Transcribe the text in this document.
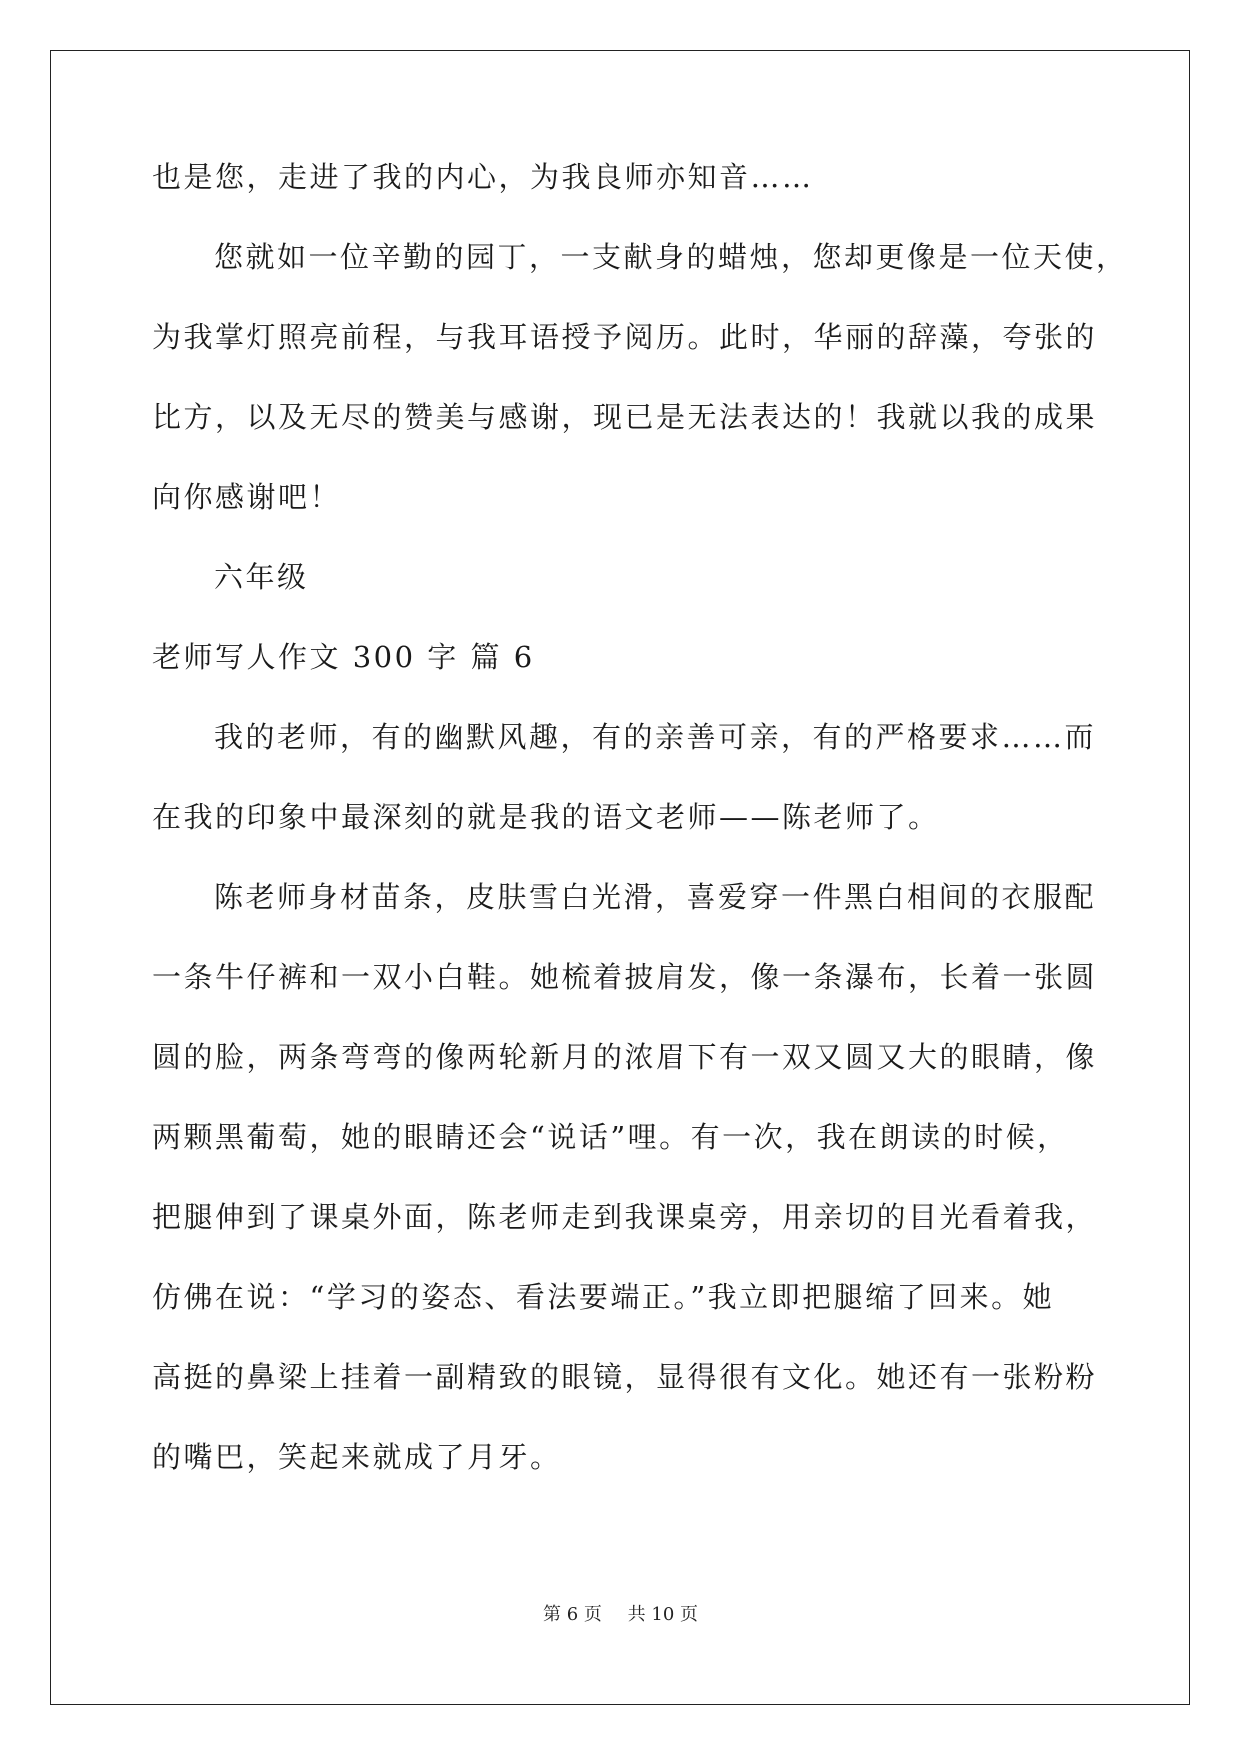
也是您，走进了我的内心，为我良师亦知音……
您就如一位辛勤的园丁，一支献身的蜡烛，您却更像是一位天使，
为我掌灯照亮前程，与我耳语授予阅历。此时，华丽的辞藻，夸张的
比方，以及无尽的赞美与感谢，现已是无法表达的！我就以我的成果
向你感谢吧！
六年级
老师写人作文 300 字 篇 6
我的老师，有的幽默风趣，有的亲善可亲，有的严格要求……而
在我的印象中最深刻的就是我的语文老师——陈老师了。
陈老师身材苗条，皮肤雪白光滑，喜爱穿一件黑白相间的衣服配
一条牛仔裤和一双小白鞋。她梳着披肩发，像一条瀑布，长着一张圆
圆的脸，两条弯弯的像两轮新月的浓眉下有一双又圆又大的眼睛，像
两颗黑葡萄，她的眼睛还会“说话”哩。有一次，我在朗读的时候，
把腿伸到了课桌外面，陈老师走到我课桌旁，用亲切的目光看着我，
仿佛在说：“学习的姿态、看法要端正。”我立即把腿缩了回来。她
高挺的鼻梁上挂着一副精致的眼镜，显得很有文化。她还有一张粉粉
的嘴巴，笑起来就成了月牙。
第 6 页 共 10 页
